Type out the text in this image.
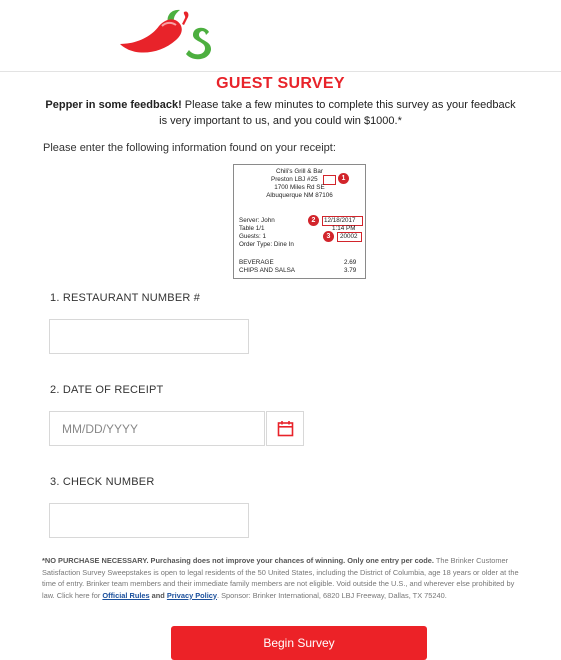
GUEST SURVEY
Pepper in some feedback! Please take a few minutes to complete this survey as your feedback is very important to us, and you could win $1000.*
Please enter the following information found on your receipt:
Chili's Grill & Bar
Preston LBJ #25	1
1700 Miles Rd SE
Albuquerque NM 87106
Server: John	2	12/18/2017
Table 1/1	1:14 PM
Guests: 1	3	20002
Order Type: Dine In
BEVERAGE	2.69
CHIPS AND SALSA	3.79
1. RESTAURANT NUMBER #
2. DATE OF RECEIPT
MM/DD/YYYY
3. CHECK NUMBER
*NO PURCHASE NECESSARY. Purchasing does not improve your chances of winning. Only one entry per code. The Brinker Customer Satisfaction Survey Sweepstakes is open to legal residents of the 50 United States, including the District of Columbia, age 18 years or older at the time of entry. Brinker team members and their immediate family members are not eligible. Void outside the U.S., and wherever else prohibited by law. Click here for Official Rules and Privacy Policy. Sponsor: Brinker International, 6820 LBJ Freeway, Dallas, TX 75240.
Begin Survey
